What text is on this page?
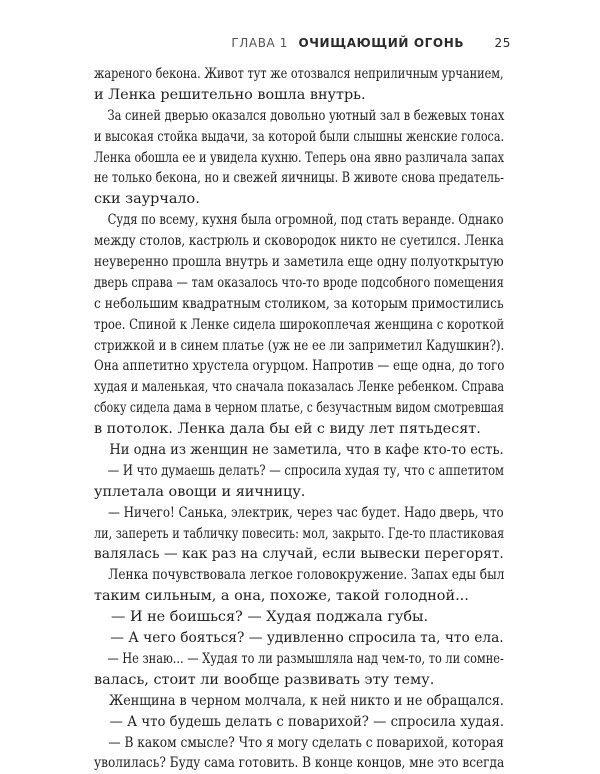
ГЛАВА 1 ОЧИЩАЮЩИЙ ОГОНЬ	25
жареного бекона. Живот тут же отозвался неприличным урчанием,
и Ленка решительно вошла внутрь.
За синей дверью оказался довольно уютный зал в бежевых тонах
и высокая стойка выдачи, за которой были слышны женские голоса.
Ленка обошла ее и увидела кухню. Теперь она явно различала запах
не только бекона, но и свежей яичницы. В животе снова предатель-
ски заурчало.
Судя по всему, кухня была огромной, под стать веранде. Однако
между столов, кастрюль и сковородок никто не суетился. Ленка
неуверенно прошла внутрь и заметила еще одну полуоткрытую
дверь справа — там оказалось что-то вроде подсобного помещения
с небольшим квадратным столиком, за которым примостились
трое. Спиной к Ленке сидела широкоплечая женщина с короткой
стрижкой и в синем платье (уж не ее ли заприметил Кадушкин?).
Она аппетитно хрустела огурцом. Напротив — еще одна, до того
худая и маленькая, что сначала показалась Ленке ребенком. Справа
сбоку сидела дама в черном платье, с безучастным видом смотревшая
в потолок. Ленка дала бы ей с виду лет пятьдесят.
Ни одна из женщин не заметила, что в кафе кто-то есть.
— И что думаешь делать? — спросила худая ту, что с аппетитом
уплетала овощи и яичницу.
— Ничего! Санька, электрик, через час будет. Надо дверь, что
ли, запереть и табличку повесить: мол, закрыто. Где-то пластиковая
валялась — как раз на случай, если вывески перегорят.
Ленка почувствовала легкое головокружение. Запах еды был
таким сильным, а она, похоже, такой голодной...
— И не боишься? — Худая поджала губы.
— А чего бояться? — удивленно спросила та, что ела.
— Не знаю... — Худая то ли размышляла над чем-то, то ли сомне-
валась, стоит ли вообще развивать эту тему.
Женщина в черном молчала, к ней никто и не обращался.
— А что будешь делать с поварихой? — спросила худая.
— В каком смысле? Что я могу сделать с поварихой, которая
уволилась? Буду сама готовить. В конце концов, мне это всегда
